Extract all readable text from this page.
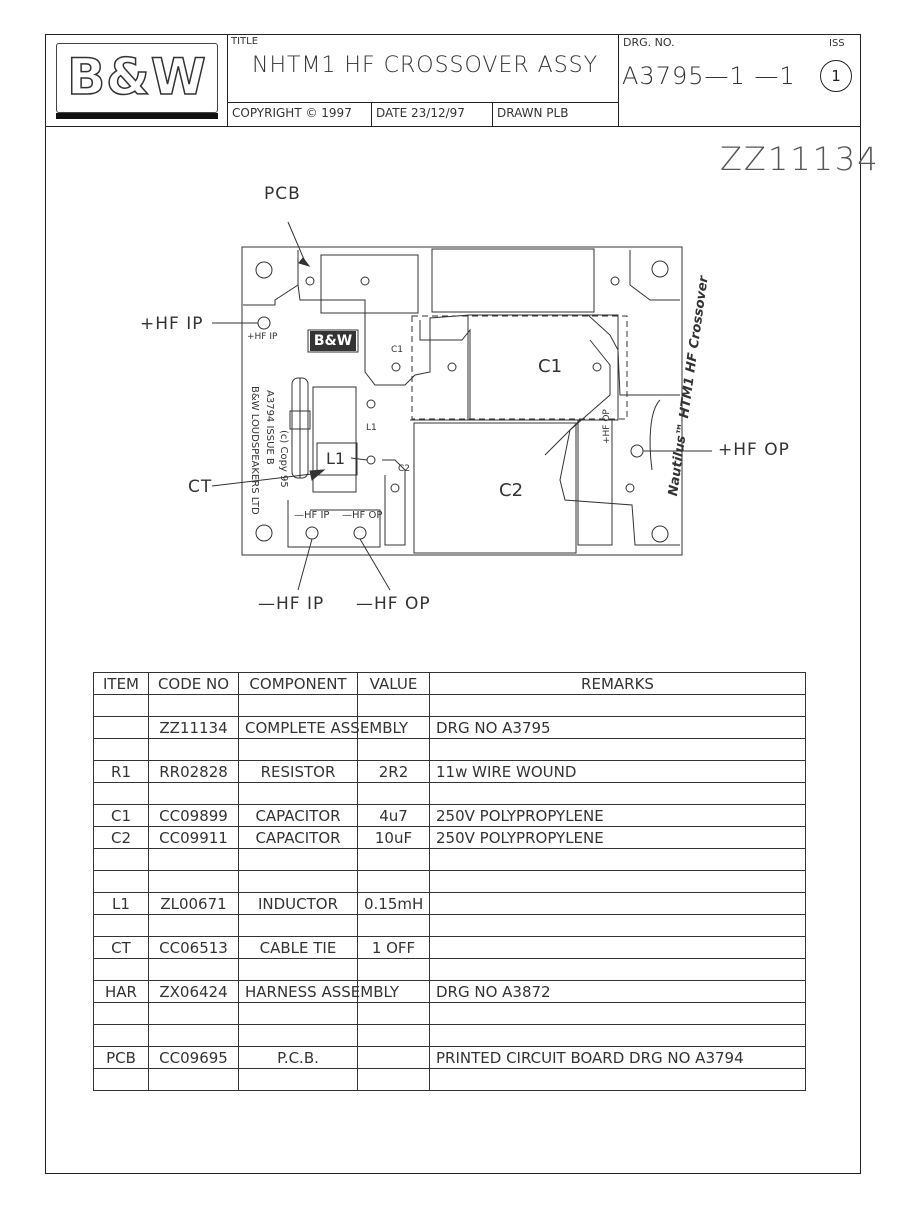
B&W
TITLE
NHTM1 HF CROSSOVER ASSY
COPYRIGHT © 1997 DATE 23/12/97	DRAWN PLB
DRG. NO.
A3795—1 —1
ISS
1
ZZ11134
PCB
+HF IP
CT
+HF OP
—HF IP —HF OP
+HF IP	B&W
C1
C1
L1
L1
C2
C2
—HF IP —HF OP
+HF OP
B&W LOUDSPEAKERS LTD A3794 ISSUE B (c) Copy 95	Nautilus™ HTM1 HF Crossover
ITEM	CODE NO	COMPONENT	VALUE	REMARKS

	ZZ11134	COMPLETE ASSEMBLY		DRG NO A3795

R1	RR02828	RESISTOR	2R2	11w WIRE WOUND

C1	CC09899	CAPACITOR	4u7	250V POLYPROPYLENE
C2	CC09911	CAPACITOR	10uF	250V POLYPROPYLENE

L1	ZL00671	INDUCTOR	0.15mH	

CT	CC06513	CABLE TIE	1 OFF	

HAR	ZX06424	HARNESS ASSEMBLY		DRG NO A3872

PCB	CC09695	P.C.B.		PRINTED CIRCUIT BOARD DRG NO A3794
